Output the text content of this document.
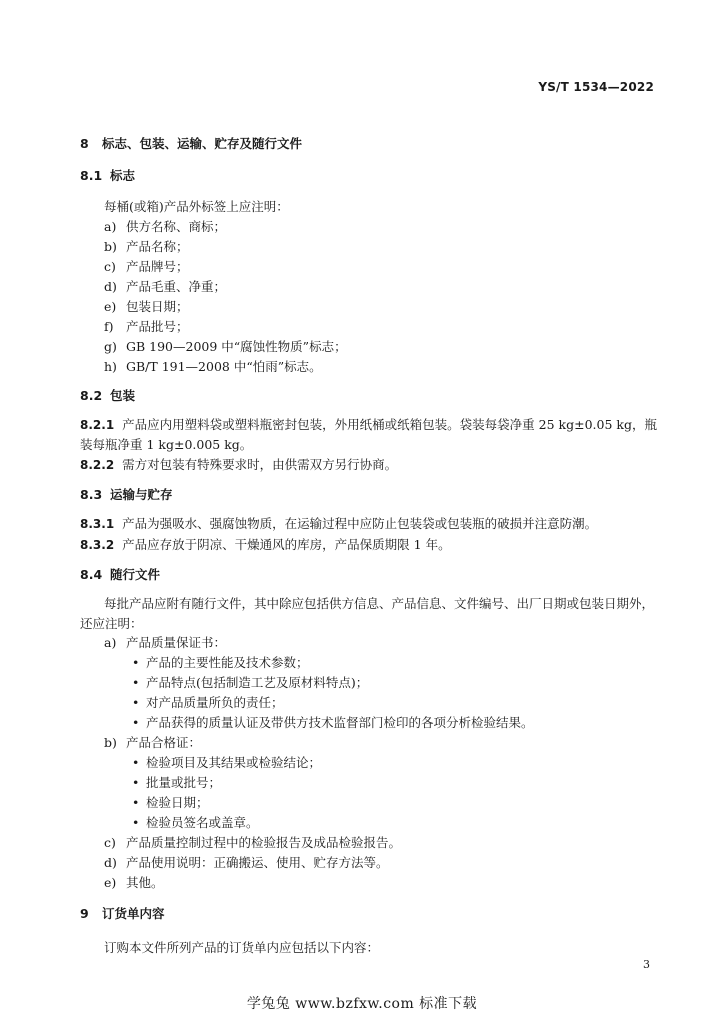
YS/T 1534—2022
8 标志、包装、运输、贮存及随行文件
8.1 标志

每桶(或箱)产品外标签上应注明：

a) 供方名称、商标；

b) 产品名称；

c) 产品牌号；

d) 产品毛重、净重；

e) 包装日期；

f) 产品批号；

g) GB 190—2009 中“腐蚀性物质”标志；

h) GB/T 191—2008 中“怕雨”标志。

8.2 包装

8.2.1 产品应内用塑料袋或塑料瓶密封包装，外用纸桶或纸箱包装。袋装每袋净重 25 kg±0.05 kg，瓶装每瓶净重 1 kg±0.005 kg。

8.2.2 需方对包装有特殊要求时，由供需双方另行协商。

8.3 运输与贮存

8.3.1 产品为强吸水、强腐蚀物质，在运输过程中应防止包装袋或包装瓶的破损并注意防潮。

8.3.2 产品应存放于阴凉、干燥通风的库房，产品保质期限 1 年。

8.4 随行文件

每批产品应附有随行文件，其中除应包括供方信息、产品信息、文件编号、出厂日期或包装日期外，还应注明：

a) 产品质量保证书：

• 产品的主要性能及技术参数；

• 产品特点(包括制造工艺及原材料特点)；

• 对产品质量所负的责任；

• 产品获得的质量认证及带供方技术监督部门检印的各项分析检验结果。

b) 产品合格证：

• 检验项目及其结果或检验结论；

• 批量或批号；

• 检验日期；

• 检验员签名或盖章。

c) 产品质量控制过程中的检验报告及成品检验报告。

d) 产品使用说明：正确搬运、使用、贮存方法等。

e) 其他。

9 订货单内容

订购本文件所列产品的订货单内应包括以下内容：

3
学兔兔 www.bzfxw.com 标准下载
